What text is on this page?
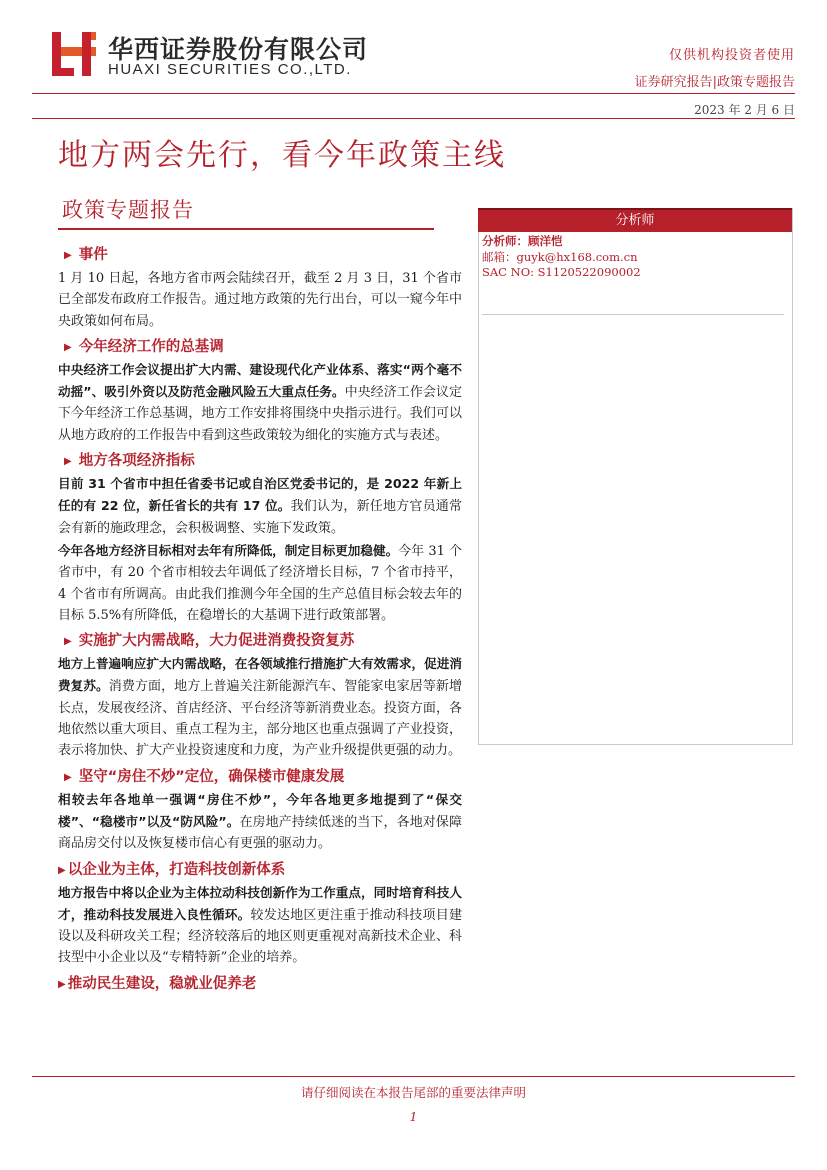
华西证券股份有限公司
HUAXI SECURITIES CO.,LTD.
仅供机构投资者使用
证券研究报告|政策专题报告
2023 年 2 月 6 日
地方两会先行，看今年政策主线
政策专题报告	分析师
分析师：顾洋恺
邮箱：guyk@hx168.com.cn
SAC NO: S1120522090002
▶ 事件

1 月 10 日起，各地方省市两会陆续召开，截至 2 月 3 日，31 个省市已全部发布政府工作报告。通过地方政策的先行出台，可以一窥今年中央政策如何布局。

▶ 今年经济工作的总基调

中央经济工作会议提出扩大内需、建设现代化产业体系、落实“两个毫不动摇”、吸引外资以及防范金融风险五大重点任务。中央经济工作会议定下今年经济工作总基调，地方工作安排将围绕中央指示进行。我们可以从地方政府的工作报告中看到这些政策较为细化的实施方式与表述。

▶ 地方各项经济指标

目前 31 个省市中担任省委书记或自治区党委书记的，是 2022 年新上任的有 22 位，新任省长的共有 17 位。我们认为，新任地方官员通常会有新的施政理念，会积极调整、实施下发政策。

今年各地方经济目标相对去年有所降低，制定目标更加稳健。今年 31 个省市中，有 20 个省市相较去年调低了经济增长目标，7 个省市持平，4 个省市有所调高。由此我们推测今年全国的生产总值目标会较去年的目标 5.5%有所降低，在稳增长的大基调下进行政策部署。

▶ 实施扩大内需战略，大力促进消费投资复苏

地方上普遍响应扩大内需战略，在各领域推行措施扩大有效需求，促进消费复苏。消费方面，地方上普遍关注新能源汽车、智能家电家居等新增长点，发展夜经济、首店经济、平台经济等新消费业态。投资方面，各地依然以重大项目、重点工程为主，部分地区也重点强调了产业投资，表示将加快、扩大产业投资速度和力度，为产业升级提供更强的动力。

▶ 坚守“房住不炒”定位，确保楼市健康发展

相较去年各地单一强调“房住不炒”，今年各地更多地提到了“保交楼”、“稳楼市”以及“防风险”。在房地产持续低迷的当下，各地对保障商品房交付以及恢复楼市信心有更强的驱动力。

▶ 以企业为主体，打造科技创新体系

地方报告中将以企业为主体拉动科技创新作为工作重点，同时培育科技人才，推动科技发展进入良性循环。较发达地区更注重于推动科技项目建设以及科研攻关工程；经济较落后的地区则更重视对高新技术企业、科技型中小企业以及“专精特新”企业的培养。

▶ 推动民生建设，稳就业促养老
请仔细阅读在本报告尾部的重要法律声明
1
